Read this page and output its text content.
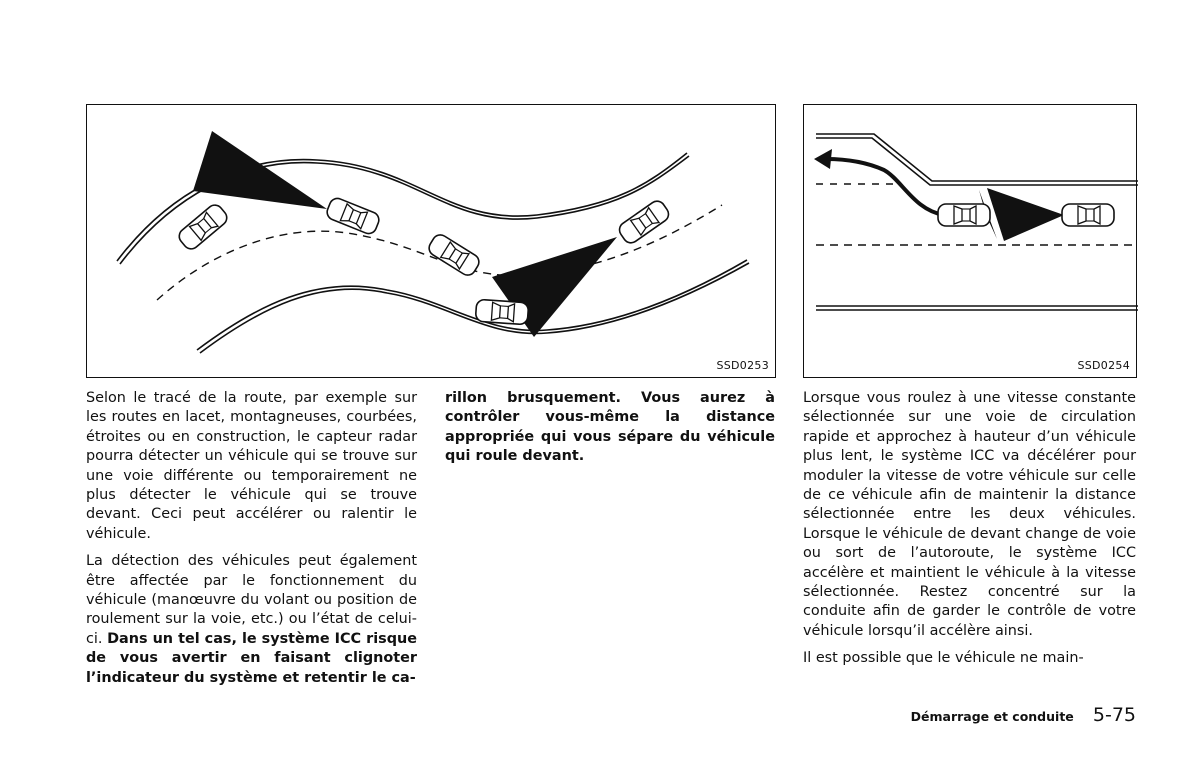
SSD0253	SSD0254

Selon le tracé de la route, par exemple sur les routes en lacet, montagneuses, courbées, étroites ou en construction, le capteur radar pourra détecter un véhicule qui se trouve sur une voie différente ou temporairement ne plus détecter le véhicule qui se trouve devant. Ceci peut accélérer ou ralentir le véhicule.

La détection des véhicules peut également être affectée par le fonctionnement du véhicule (manœuvre du volant ou position de roulement sur la voie, etc.) ou l’état de celui-ci. Dans un tel cas, le système ICC risque de vous avertir en faisant clignoter l’indicateur du système et retentir le ca-

rillon brusquement. Vous aurez à contrôler vous-même la distance appropriée qui vous sépare du véhicule qui roule devant.

Lorsque vous roulez à une vitesse constante sélectionnée sur une voie de circulation rapide et approchez à hauteur d’un véhicule plus lent, le système ICC va décélérer pour moduler la vitesse de votre véhicule sur celle de ce véhicule afin de maintenir la distance sélectionnée entre les deux véhicules. Lorsque le véhicule de devant change de voie ou sort de l’autoroute, le système ICC accélère et maintient le véhicule à la vitesse sélectionnée. Restez concentré sur la conduite afin de garder le contrôle de votre véhicule lorsqu’il accélère ainsi.

Il est possible que le véhicule ne main-

Démarrage et conduite 5-75
